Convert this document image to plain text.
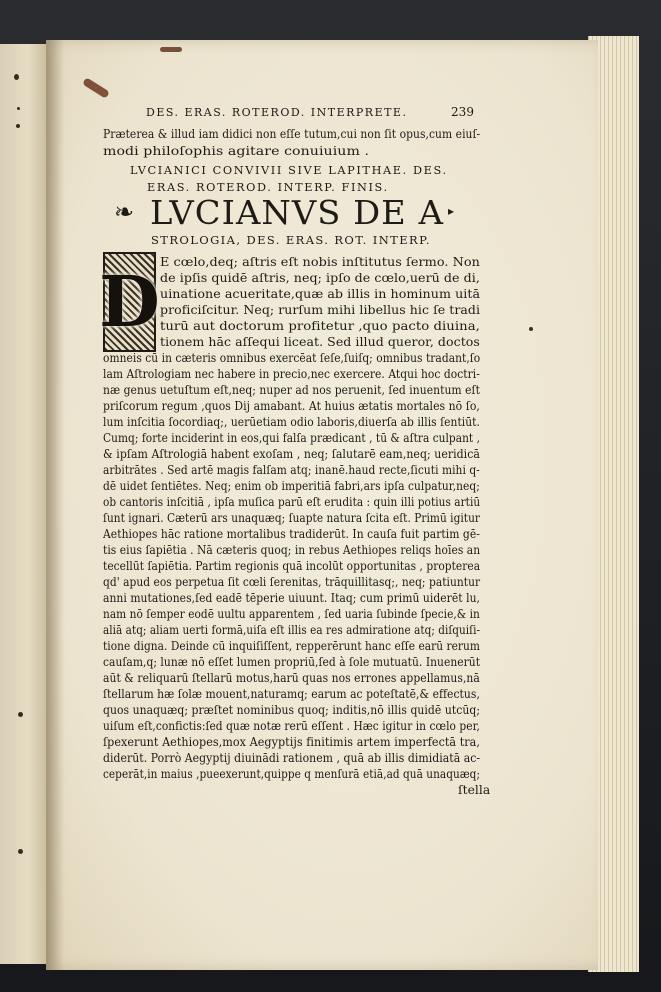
DES. ERAS. ROTEROD. INTERPRETE.	239
Præterea & illud iam didici non eſſe tutum,cui non ſit opus,cum eiuſ-
modi philoſophis agitare conuiuium .
LVCIANICI CONVIVII SIVE LAPITHAE. DES.
ERAS. ROTEROD. INTERP. FINIS.
❧ LVCIANVS DE A ▸
STROLOGIA, DES. ERAS. ROT. INTERP.
D E cœlo,deq; aſtris eſt nobis inſtitutus ſermo. Non
de ipſis quidē aſtris, neq; ipſo de cœlo,uerū de di,
uinatione acueritate,quæ ab illis in hominum uitā
proficiſcitur. Neq; rurſum mihi libellus hic ſe tradi
turū aut doctorum profitetur ,quo pacto diuina,
tionem hāc aſſequi liceat. Sed illud queror, doctos
omneis cū in cæteris omnibus exercēat ſeſe,ſuiſq; omnibus tradant,ſo
lam Aſtrologiam nec habere in precio,nec exercere. Atqui hoc doctri-
næ genus uetuſtum eſt,neq; nuper ad nos peruenit, ſed inuentum eſt
priſcorum regum ,quos Dij amabant. At huius ætatis mortales nō ſo,
lum inſcitia ſocordiaq;, uerūetiam odio laboris,diuerſa ab illis ſentiūt.
Cumq; forte inciderint in eos,qui falſa prædicant , tū & aſtra culpant ,
& ipſam Aſtrologiā habent exoſam , neq; ſalutarē eam,neq; ueridicā
arbitrātes . Sed artē magis falſam atq; inanē.haud recte,ſicuti mihi q-
dē uidet ſentiētes. Neq; enim ob imperitiā fabri,ars ipſa culpatur,neq;
ob cantoris inſcitiā , ipſa muſica parū eſt erudita : quin illi potius artiū
ſunt ignari. Cæterū ars unaquæq; ſuapte natura ſcita eſt. Primū igitur
Aethiopes hāc ratione mortalibus tradiderūt. In cauſa fuit partim gē-
tis eius ſapiētia . Nā cæteris quoq; in rebus Aethiopes reliqs hoīes an
tecellūt ſapiētia. Partim regionis quā incolūt opportunitas , propterea
qd' apud eos perpetua ſit cœli ſerenitas, trāquillitasq;, neq; patiuntur
anni mutationes,ſed eadē tēperie uiuunt. Itaq; cum primū uiderēt lu,
nam nō ſemper eodē uultu apparentem , ſed uaria ſubinde ſpecie,& in
aliā atq; aliam uerti formā,uiſa eſt illis ea res admiratione atq; diſquiſi-
tione digna. Deinde cū inquiſiſſent, repperērunt hanc eſſe earū rerum
cauſam,q; lunæ nō eſſet lumen propriū,ſed à ſole mutuatū. Inuenerūt
aūt & reliquarū ſtellarū motus,harū quas nos errones appellamus,nā
ſtellarum hæ ſolæ mouent,naturamq; earum ac poteſtatē,& effectus,
quos unaquæq; præſtet nominibus quoq; inditis,nō illis quidē utcūq;
uiſum eſt,confictis:ſed quæ notæ rerū eſſent . Hæc igitur in cœlo per,
ſpexerunt Aethiopes,mox Aegyptijs finitimis artem imperfectā tra,
diderūt. Porrò Aegyptij diuinādi rationem , quā ab illis dimidiatā ac-
ceperāt,in maius ,pueexerunt,quippe q menſurā etiā,ad quā unaquæq;
ſtella
